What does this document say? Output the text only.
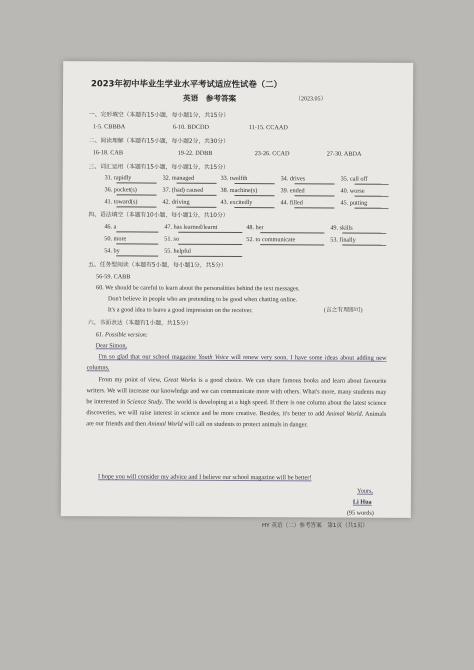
2023年初中毕业生学业水平考试适应性试卷（二）
英语　参考答案	（2023.05）
一、完形填空（本题有15小题，每小题1分，共15分）
1-5. CBBBA	6-10. BDCDD	11-15. CCAAD
二、阅读理解（本题有15小题，每小题2分，共30分）
16-18. CAB	19-22. DDBB	23-26. CCAD	27-30. ABDA
三、词汇运用（本题有15小题，每小题1分，共15分）
31. rapidly	32. managed	33. twelfth	34. drives	35. call off
36. pocket(s)	37. (had) caused	38. machine(s)	39. ended	40. worse
41. toward(s)	42. driving	43. excitedly	44. filled	45. putting
四、语法填空（本题有10小题，每小题1分，共10分）
46. a	47. has learned/learnt	48. her	49. skills
50. more	51. so	52. to communicate	53. finally
54. by	55. helpful
五、任务型阅读（本题有5小题，每小题1分，共5分）
56-59. CABB
60. We should be careful to learn about the personalities behind the text messages.
Don't believe in people who are pretending to be good when chatting online.
It's a good idea to leave a good impression on the receiver.	(言之有理即可)
六、书面表达（本题有1小题，共15分）
61. Possible version:
Dear Simon,
I'm so glad that our school magazine Youth Voice will renew very soon. I have some ideas about adding new columns.
From my point of view, Great Works is a good choice. We can share famous books and learn about favourite writers. We will increase our knowledge and we can communicate more with others. What's more, many students may be interested in Science Study. The world is developing at a high speed. If there is one column about the latest science discoveries, we will raise interest in science and be more creative. Besides, it's better to add Animal World. Animals are our friends and then Animal World will call on students to protect animals in danger.
I hope you will consider my advice and I believe our school magazine will be better!
Yours,
Li Hua
(95 words)
HY 英语（二）参考答案　第1页（共1页）
